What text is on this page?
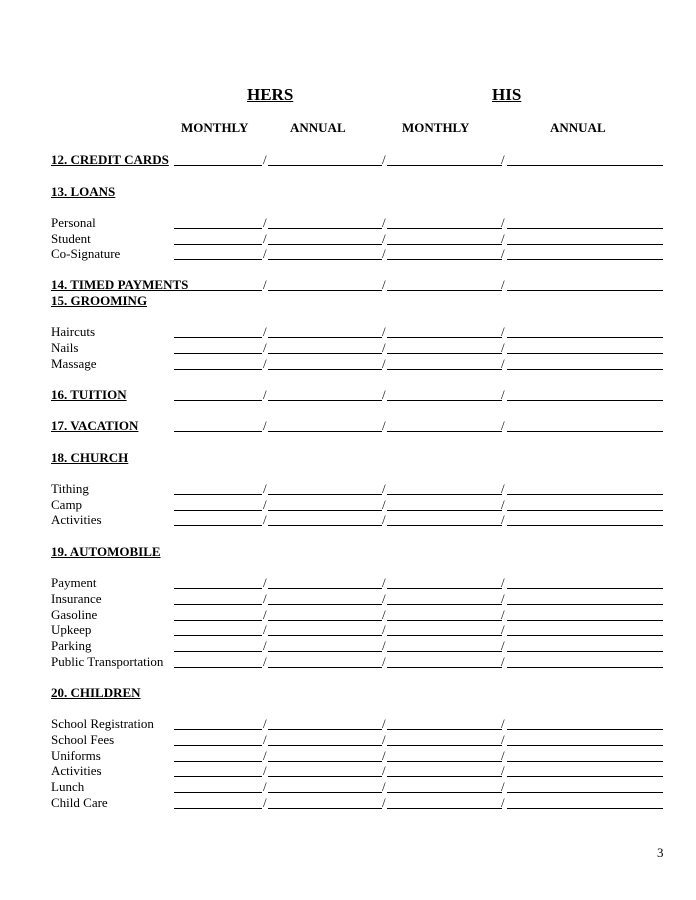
HERS	HIS
MONTHLY	ANNUAL	MONTHLY	ANNUAL
12. CREDIT CARDS	/	/	/
13. LOANS
Personal	/	/	/
Student	/	/	/
Co-Signature	/	/	/
14. TIMED PAYMENTS	/	/	/
15. GROOMING
Haircuts	/	/	/
Nails	/	/	/
Massage	/	/	/
16. TUITION	/	/	/
17. VACATION	/	/	/
18. CHURCH
Tithing	/	/	/
Camp	/	/	/
Activities	/	/	/
19. AUTOMOBILE
Payment	/	/	/
Insurance	/	/	/
Gasoline	/	/	/
Upkeep	/	/	/
Parking	/	/	/
Public Transportation	/	/	/
20. CHILDREN
School Registration	/	/	/
School Fees	/	/	/
Uniforms	/	/	/
Activities	/	/	/
Lunch	/	/	/
Child Care	/	/	/
3
